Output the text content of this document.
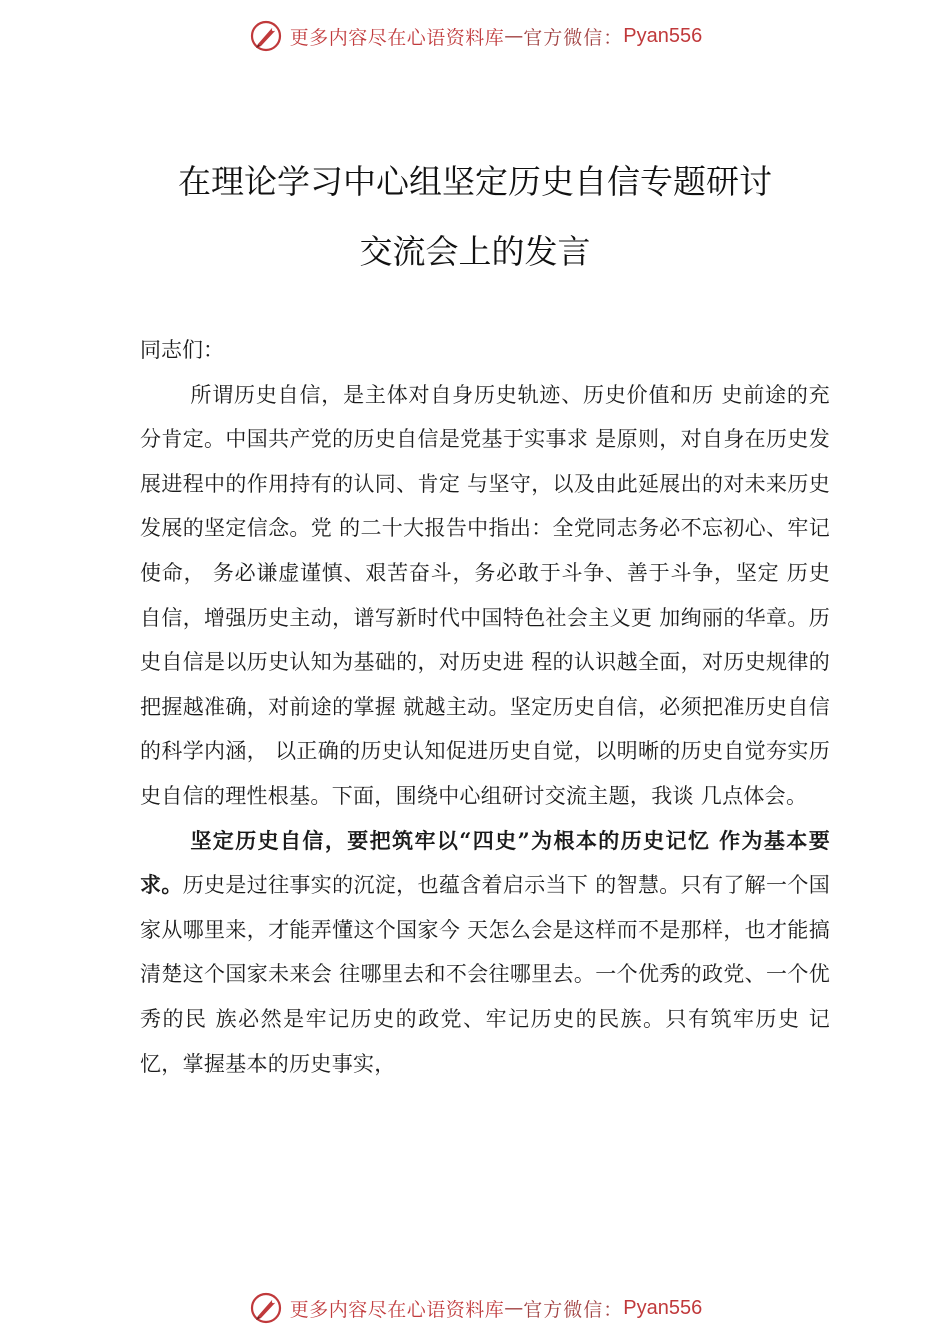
更多内容尽在心语资料库 — 官方微信： Pyan556
在理论学习中心组坚定历史自信专题研讨
交流会上的发言

同志们：

所谓历史自信，是主体对自身历史轨迹、历史价值和历 史前途的充分肯定。中国共产党的历史自信是党基于实事求 是原则，对自身在历史发展进程中的作用持有的认同、肯定 与坚守，以及由此延展出的对未来历史发展的坚定信念。党 的二十大报告中指出：全党同志务必不忘初心、牢记使命， 务必谦虚谨慎、艰苦奋斗，务必敢于斗争、善于斗争，坚定 历史自信，增强历史主动，谱写新时代中国特色社会主义更 加绚丽的华章。历史自信是以历史认知为基础的，对历史进 程的认识越全面，对历史规律的把握越准确，对前途的掌握 就越主动。坚定历史自信，必须把准历史自信的科学内涵， 以正确的历史认知促进历史自觉，以明晰的历史自觉夯实历 史自信的理性根基。下面，围绕中心组研讨交流主题，我谈 几点体会。

坚定历史自信，要把筑牢以“四史”为根本的历史记忆 作为基本要求。历史是过往事实的沉淀，也蕴含着启示当下 的智慧。只有了解一个国家从哪里来，才能弄懂这个国家今 天怎么会是这样而不是那样，也才能搞清楚这个国家未来会 往哪里去和不会往哪里去。一个优秀的政党、一个优秀的民 族必然是牢记历史的政党、牢记历史的民族。只有筑牢历史 记忆，掌握基本的历史事实，

更多内容尽在心语资料库 — 官方微信： Pyan556
